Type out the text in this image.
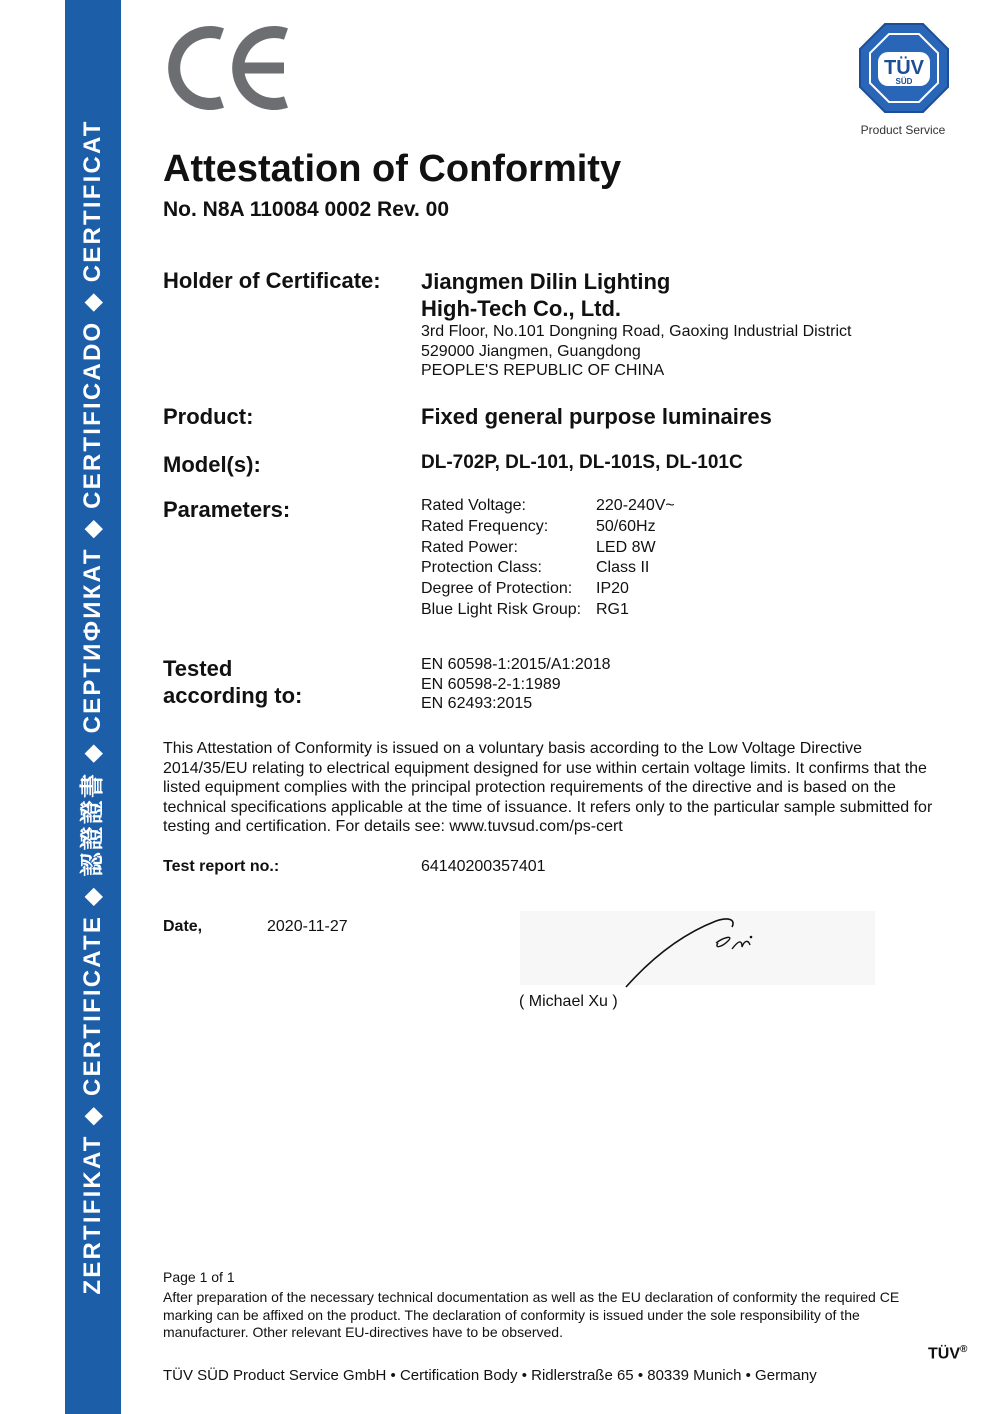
ZERTIFIKAT ◆ CERTIFICATE ◆ 認證證書 ◆ СЕРТИФИКАТ ◆ CERTIFICADO ◆ CERTIFICAT
TÜV
SÜD
Product Service
Attestation of Conformity
No. N8A 110084 0002 Rev. 00
Holder of Certificate: Jiangmen Dilin Lighting
High-Tech Co., Ltd.
3rd Floor, No.101 Dongning Road, Gaoxing Industrial District
529000 Jiangmen, Guangdong
PEOPLE'S REPUBLIC OF CHINA
Product:	Fixed general purpose luminaires
Model(s):	DL-702P, DL-101, DL-101S, DL-101C
Parameters:	Rated Voltage:	220-240V~
Rated Frequency:	50/60Hz
Rated Power:	LED 8W
Protection Class:	Class II
Degree of Protection:	IP20
Blue Light Risk Group: RG1
Tested
according to:
EN 60598-1:2015/A1:2018
EN 60598-2-1:1989
EN 62493:2015
This Attestation of Conformity is issued on a voluntary basis according to the Low Voltage Directive 2014/35/EU relating to electrical equipment designed for use within certain voltage limits. It confirms that the listed equipment complies with the principal protection requirements of the directive and is based on the technical specifications applicable at the time of issuance. It refers only to the particular sample submitted for testing and certification. For details see: www.tuvsud.com/ps-cert
Test report no.:	64140200357401
Date,	2020-11-27
( Michael Xu )
Page 1 of 1
After preparation of the necessary technical documentation as well as the EU declaration of conformity the required CE marking can be affixed on the product. The declaration of conformity is issued under the sole responsibility of the manufacturer. Other relevant EU-directives have to be observed.
TÜV SÜD Product Service GmbH • Certification Body • Ridlerstraße 65 • 80339 Munich • Germany
TÜV®
